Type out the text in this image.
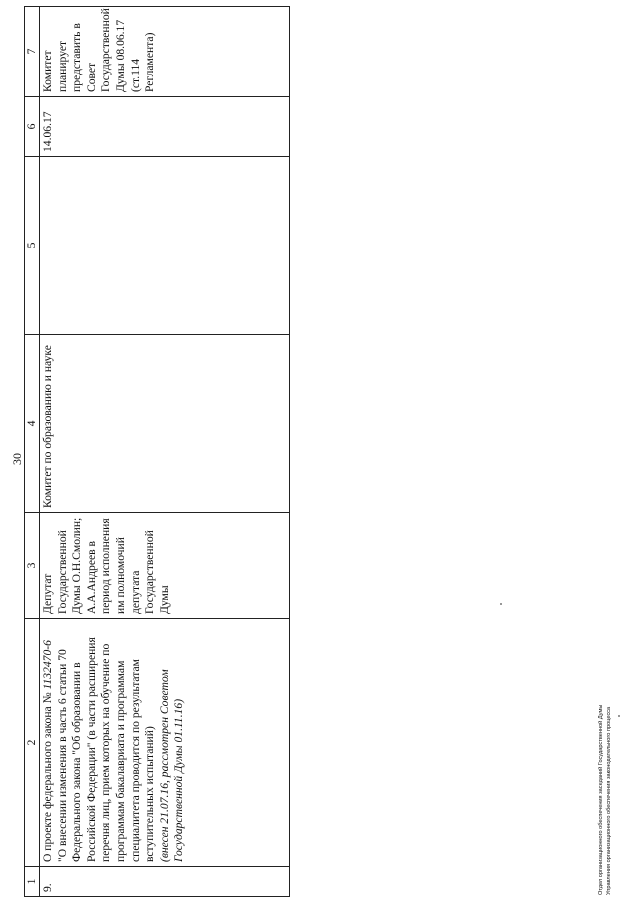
30
1	2	3	4	5	6	7
9.	О проекте федерального закона № 1132470-6 "О внесении изменения в часть 6 статьи 70 Федерального закона "Об образовании в Российской Федерации" (в части расширения перечня лиц, прием которых на обучение по программам бакалавриата и программам специалитета проводится по результатам вступительных испытаний) (внесен 21.07.16, рассмотрен Советом Государственной Думы 01.11.16)	Депутат Государственной Думы О.Н.Смолин; А.А.Андреев в период исполнения им полномочий депутата Государственной Думы	Комитет по образованию и науке		14.06.17	Комитет планирует представить в Совет Государственной Думы 08.06.17 (ст.114 Регламента)
Отдел организационного обеспечения заседаний Государственной Думы Управления организационного обеспечения законодательного процесса
